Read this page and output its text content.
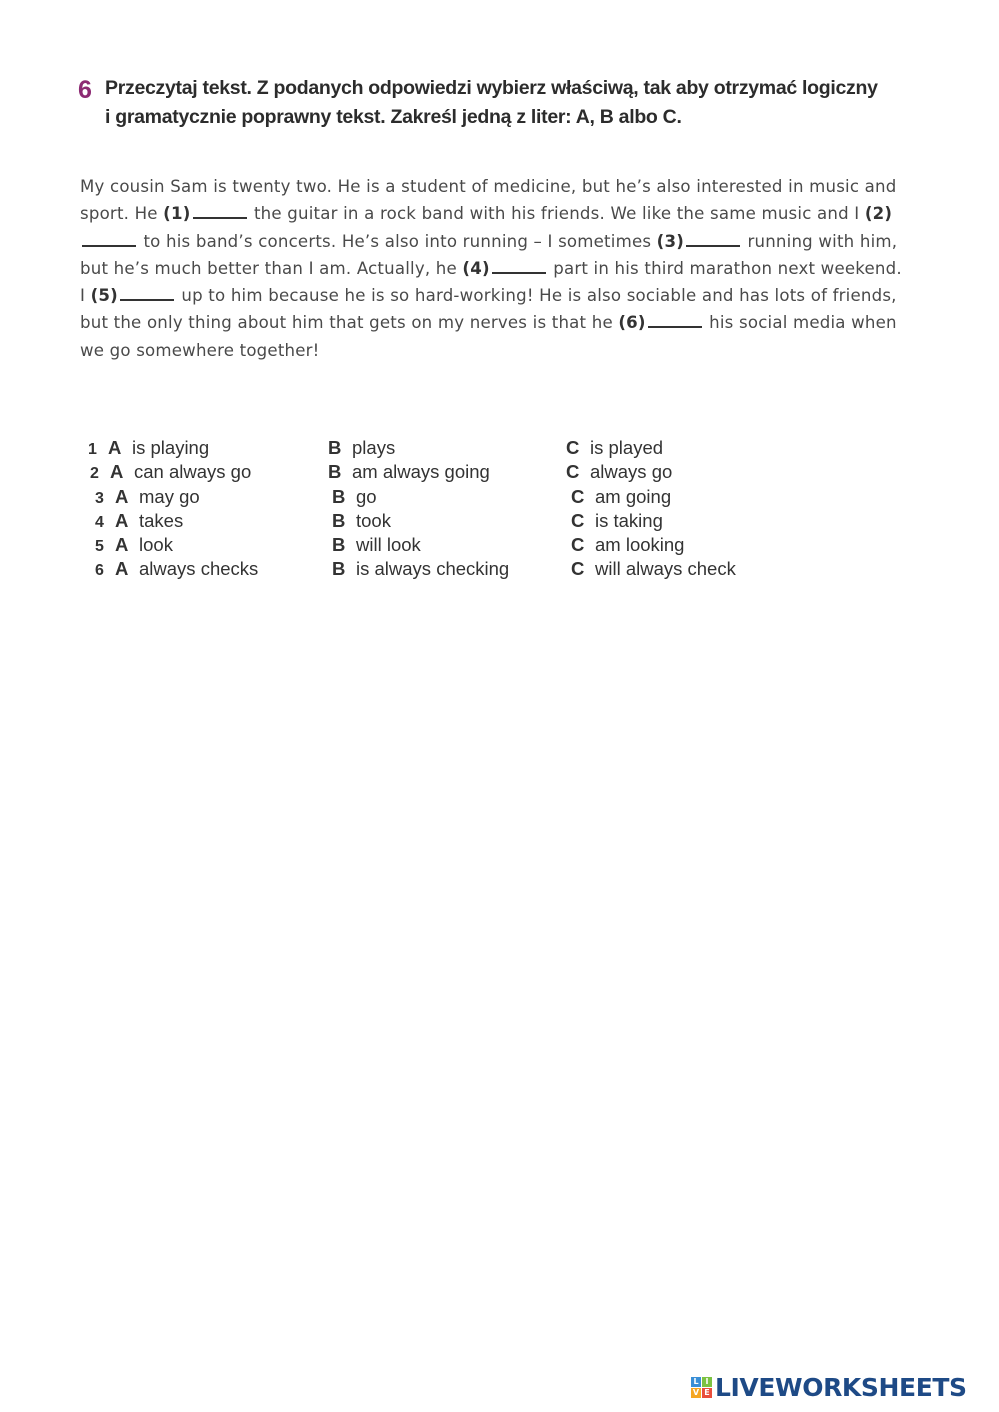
6 Przeczytaj tekst. Z podanych odpowiedzi wybierz właściwą, tak aby otrzymać logiczny
i gramatycznie poprawny tekst. Zakreśl jedną z liter: A, B albo C.
My cousin Sam is twenty two. He is a student of medicine, but he’s also interested in music and sport. He (1)	the guitar in a rock band with his friends. We like the same music and I (2) to his band’s concerts. He’s also into running – I sometimes (3)	running with him, but he’s much better than I am. Actually, he (4)	part in his third marathon next weekend. I (5)	up to him because he is so hard-working! He is also sociable and has lots of friends, but the only thing about him that gets on my nerves is that he (6)	his social media when we go somewhere together!
1 A is playing	B plays	C is played
2 A can always go	B am always going	C always go
3 A may go	B go	C am going
4 A takes	B took	C is taking
5 A look	B will look	C am looking
6 A always checks	B is always checking	C will always check
L I
V E LIVEWORKSHEETS
